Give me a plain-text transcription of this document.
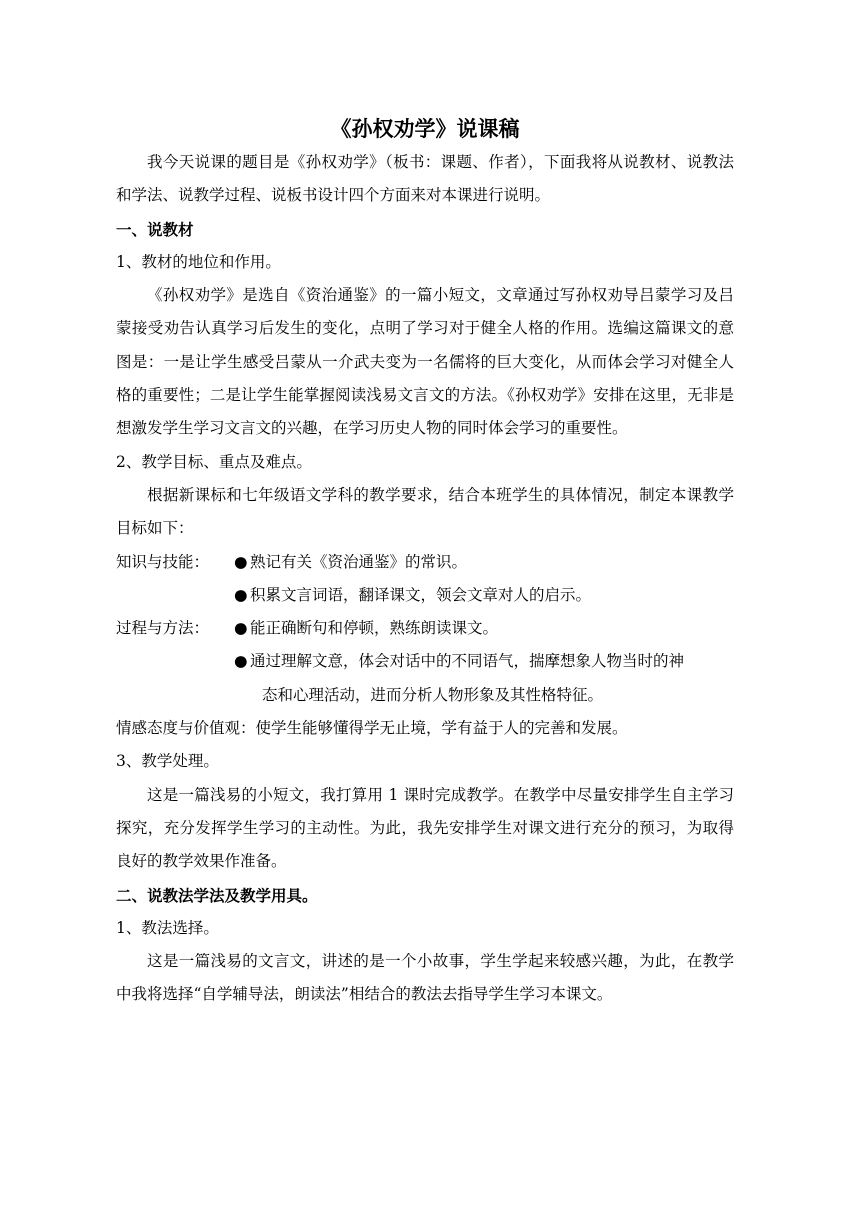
《孙权劝学》说课稿

我今天说课的题目是《孙权劝学》（板书：课题、作者），下面我将从说教材、说教法和学法、说教学过程、说板书设计四个方面来对本课进行说明。

一、说教材

1、教材的地位和作用。

《孙权劝学》是选自《资治通鉴》的一篇小短文，文章通过写孙权劝导吕蒙学习及吕蒙接受劝告认真学习后发生的变化，点明了学习对于健全人格的作用。选编这篇课文的意图是：一是让学生感受吕蒙从一介武夫变为一名儒将的巨大变化，从而体会学习对健全人格的重要性；二是让学生能掌握阅读浅易文言文的方法。《孙权劝学》安排在这里，无非是想激发学生学习文言文的兴趣，在学习历史人物的同时体会学习的重要性。

2、教学目标、重点及难点。

根据新课标和七年级语文学科的教学要求，结合本班学生的具体情况，制定本课教学目标如下：

知识与技能：	● 熟记有关《资治通鉴》的常识。
● 积累文言词语，翻译课文，领会文章对人的启示。
过程与方法：	● 能正确断句和停顿，熟练朗读课文。
● 通过理解文意，体会对话中的不同语气，揣摩想象人物当时的神
态和心理活动，进而分析人物形象及其性格特征。

情感态度与价值观：使学生能够懂得学无止境，学有益于人的完善和发展。

3、教学处理。

这是一篇浅易的小短文，我打算用 1 课时完成教学。在教学中尽量安排学生自主学习探究，充分发挥学生学习的主动性。为此，我先安排学生对课文进行充分的预习，为取得良好的教学效果作准备。

二、说教法学法及教学用具。

1、教法选择。

这是一篇浅易的文言文，讲述的是一个小故事，学生学起来较感兴趣，为此，在教学中我将选择“自学辅导法，朗读法”相结合的教法去指导学生学习本课文。
